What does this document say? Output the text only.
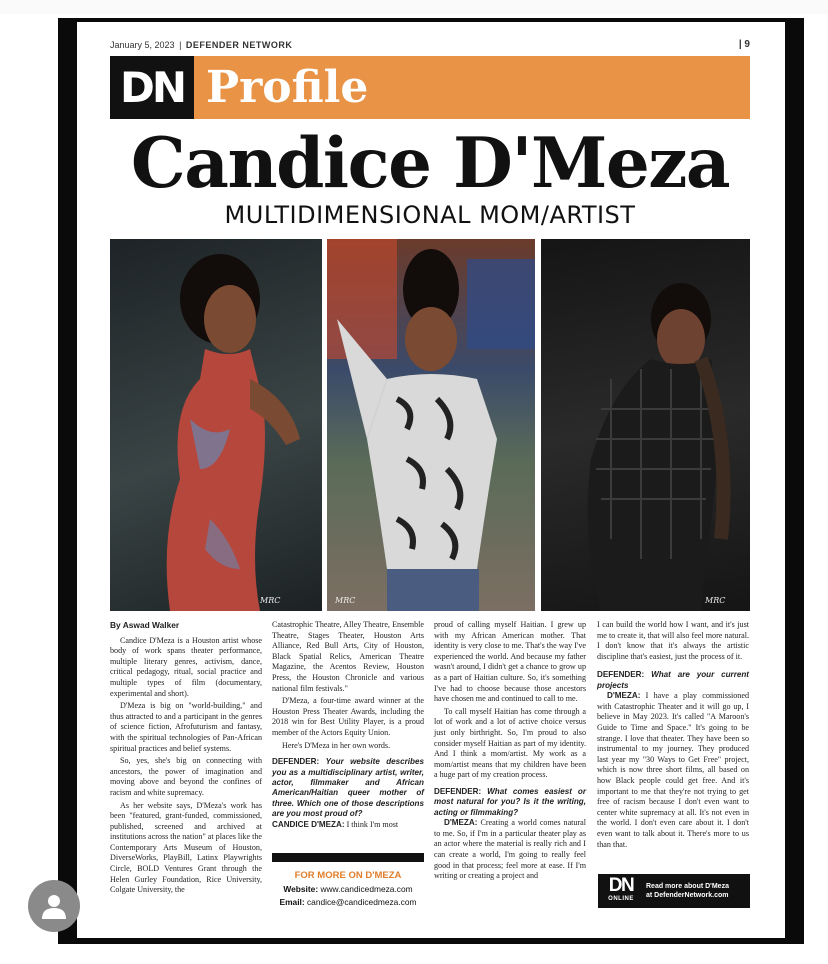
January 5, 2023 | DEFENDER NETWORK	| 9
DN Profile
Candice D'Meza
MULTIDIMENSIONAL MOM/ARTIST
MRC	MRC	MRC
By Aswad Walker

Candice D'Meza is a Houston artist whose body of work spans theater performance, multiple literary genres, activism, dance, critical pedagogy, ritual, social practice and multiple types of film (documentary, experimental and short).

D'Meza is big on "world-building," and thus attracted to and a participant in the genres of science fiction, Afrofuturism and fantasy, with the spiritual technologies of Pan-African spiritual practices and belief systems.

So, yes, she's big on connecting with ancestors, the power of imagination and moving above and beyond the confines of racism and white supremacy.

As her website says, D'Meza's work has been "featured, grant-funded, commissioned, published, screened and archived at institutions across the nation" at places like the Contemporary Arts Museum of Houston, DiverseWorks, PlayBill, Latinx Playwrights Circle, BOLD Ventures Grant through the Helen Gurley Foundation, Rice University, Colgate University, the

Catastrophic Theatre, Alley Theatre, Ensemble Theatre, Stages Theater, Houston Arts Alliance, Red Bull Arts, City of Houston, Black Spatial Relics, American Theatre Magazine, the Acentos Review, Houston Press, the Houston Chronicle and various national film festivals."

D'Meza, a four-time award winner at the Houston Press Theater Awards, including the 2018 win for Best Utility Player, is a proud member of the Actors Equity Union.

Here's D'Meza in her own words.

DEFENDER: Your website describes you as a multidisciplinary artist, writer, actor, filmmaker and African American/Haitian queer mother of three. Which one of those descriptions are you most proud of?
CANDICE D'MEZA: I think I'm most

proud of calling myself Haitian. I grew up with my African American mother. That identity is very close to me. That's the way I've experienced the world. And because my father wasn't around, I didn't get a chance to grow up as a part of Haitian culture. So, it's something I've had to choose because those ancestors have chosen me and continued to call to me.

To call myself Haitian has come through a lot of work and a lot of active choice versus just only birthright. So, I'm proud to also consider myself Haitian as part of my identity. And I think a mom/artist. My work as a mom/artist means that my children have been a huge part of my creation process.

DEFENDER: What comes easiest or most natural for you? Is it the writing, acting or filmmaking?

D'MEZA: Creating a world comes natural to me. So, if I'm in a particular theater play as an actor where the material is really rich and I can create a world, I'm going to really feel good in that process; feel more at ease. If I'm writing or creating a project and

I can build the world how I want, and it's just me to create it, that will also feel more natural. I don't know that it's always the artistic discipline that's easiest, just the process of it.

DEFENDER: What are your current projects

D'MEZA: I have a play commissioned with Catastrophic Theater and it will go up, I believe in May 2023. It's called "A Maroon's Guide to Time and Space." It's going to be strange. I love that theater. They have been so instrumental to my journey. They produced last year my "30 Ways to Get Free" project, which is now three short films, all based on how Black people could get free. And it's important to me that they're not trying to get free of racism because I don't even want to center white supremacy at all. It's not even in the world. I don't even care about it. I don't even want to talk about it. There's more to us than that.

FOR MORE ON D'MEZA
Website: www.candicedmeza.com
Email: candice@candicedmeza.com
DN
ONLINE
Read more about D'Meza
at DefenderNetwork.com
